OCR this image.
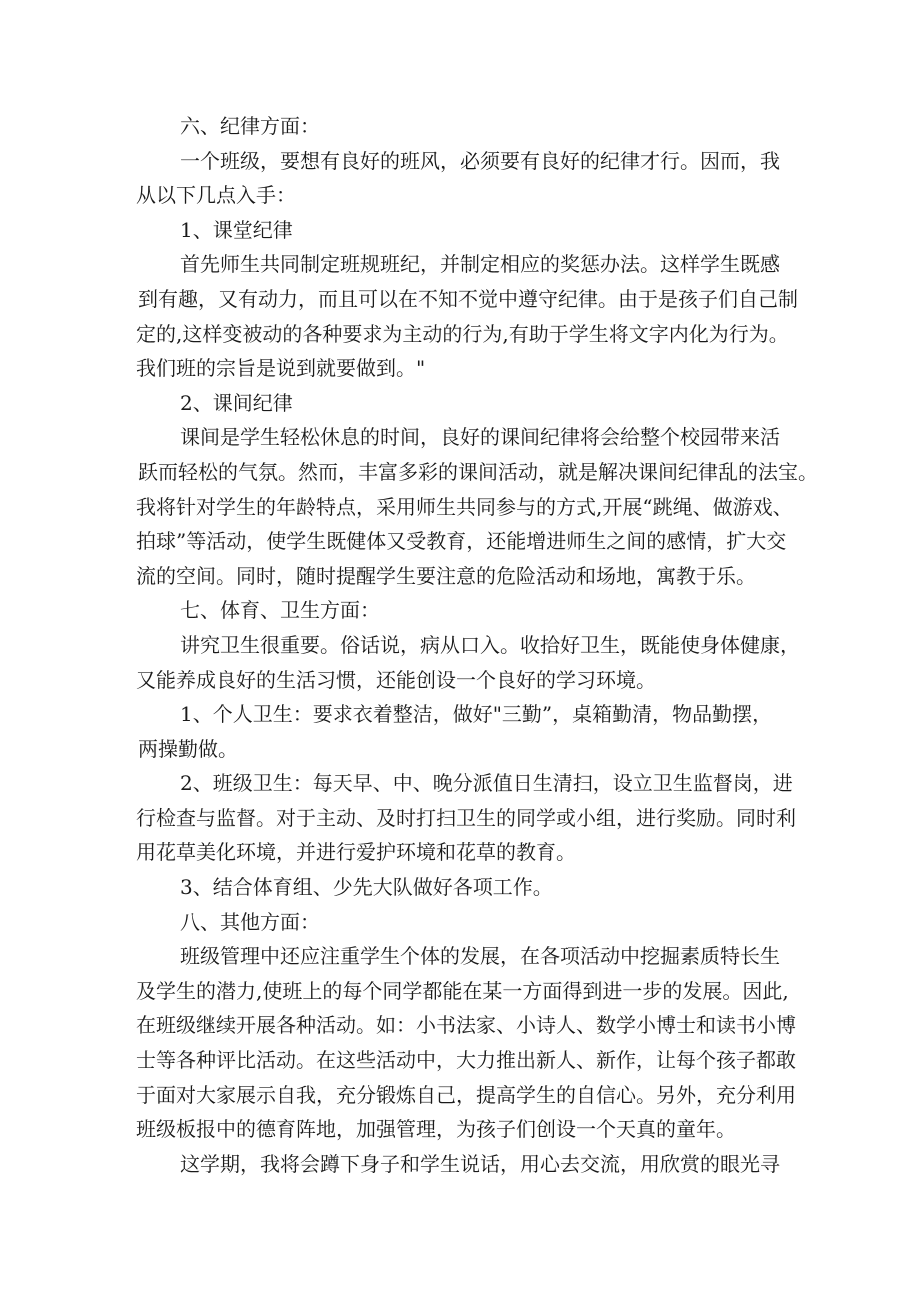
六、纪律方面：
一个班级，要想有良好的班风，必须要有良好的纪律才行。因而，我
从以下几点入手：
1、课堂纪律
首先师生共同制定班规班纪，并制定相应的奖惩办法。这样学生既感
到有趣，又有动力，而且可以在不知不觉中遵守纪律。由于是孩子们自己制
定的,这样变被动的各种要求为主动的行为,有助于学生将文字内化为行为。
我们班的宗旨是说到就要做到。"
2、课间纪律
课间是学生轻松休息的时间，良好的课间纪律将会给整个校园带来活
跃而轻松的气氛。然而，丰富多彩的课间活动，就是解决课间纪律乱的法宝。
我将针对学生的年龄特点，采用师生共同参与的方式,开展“跳绳、做游戏、
拍球”等活动，使学生既健体又受教育，还能增进师生之间的感情，扩大交
流的空间。同时，随时提醒学生要注意的危险活动和场地，寓教于乐。
七、体育、卫生方面：
讲究卫生很重要。俗话说，病从口入。收拾好卫生，既能使身体健康，
又能养成良好的生活习惯，还能创设一个良好的学习环境。
1、个人卫生：要求衣着整洁，做好"三勤”，桌箱勤清，物品勤摆，
两操勤做。
2、班级卫生：每天早、中、晚分派值日生清扫，设立卫生监督岗，进
行检查与监督。对于主动、及时打扫卫生的同学或小组，进行奖励。同时利
用花草美化环境，并进行爱护环境和花草的教育。
3、结合体育组、少先大队做好各项工作。
八、其他方面：
班级管理中还应注重学生个体的发展，在各项活动中挖掘素质特长生
及学生的潜力,使班上的每个同学都能在某一方面得到进一步的发展。因此,
在班级继续开展各种活动。如：小书法家、小诗人、数学小博士和读书小博
士等各种评比活动。在这些活动中，大力推出新人、新作，让每个孩子都敢
于面对大家展示自我，充分锻炼自己，提高学生的自信心。另外，充分利用
班级板报中的德育阵地，加强管理，为孩子们创设一个天真的童年。
这学期，我将会蹲下身子和学生说话，用心去交流，用欣赏的眼光寻
